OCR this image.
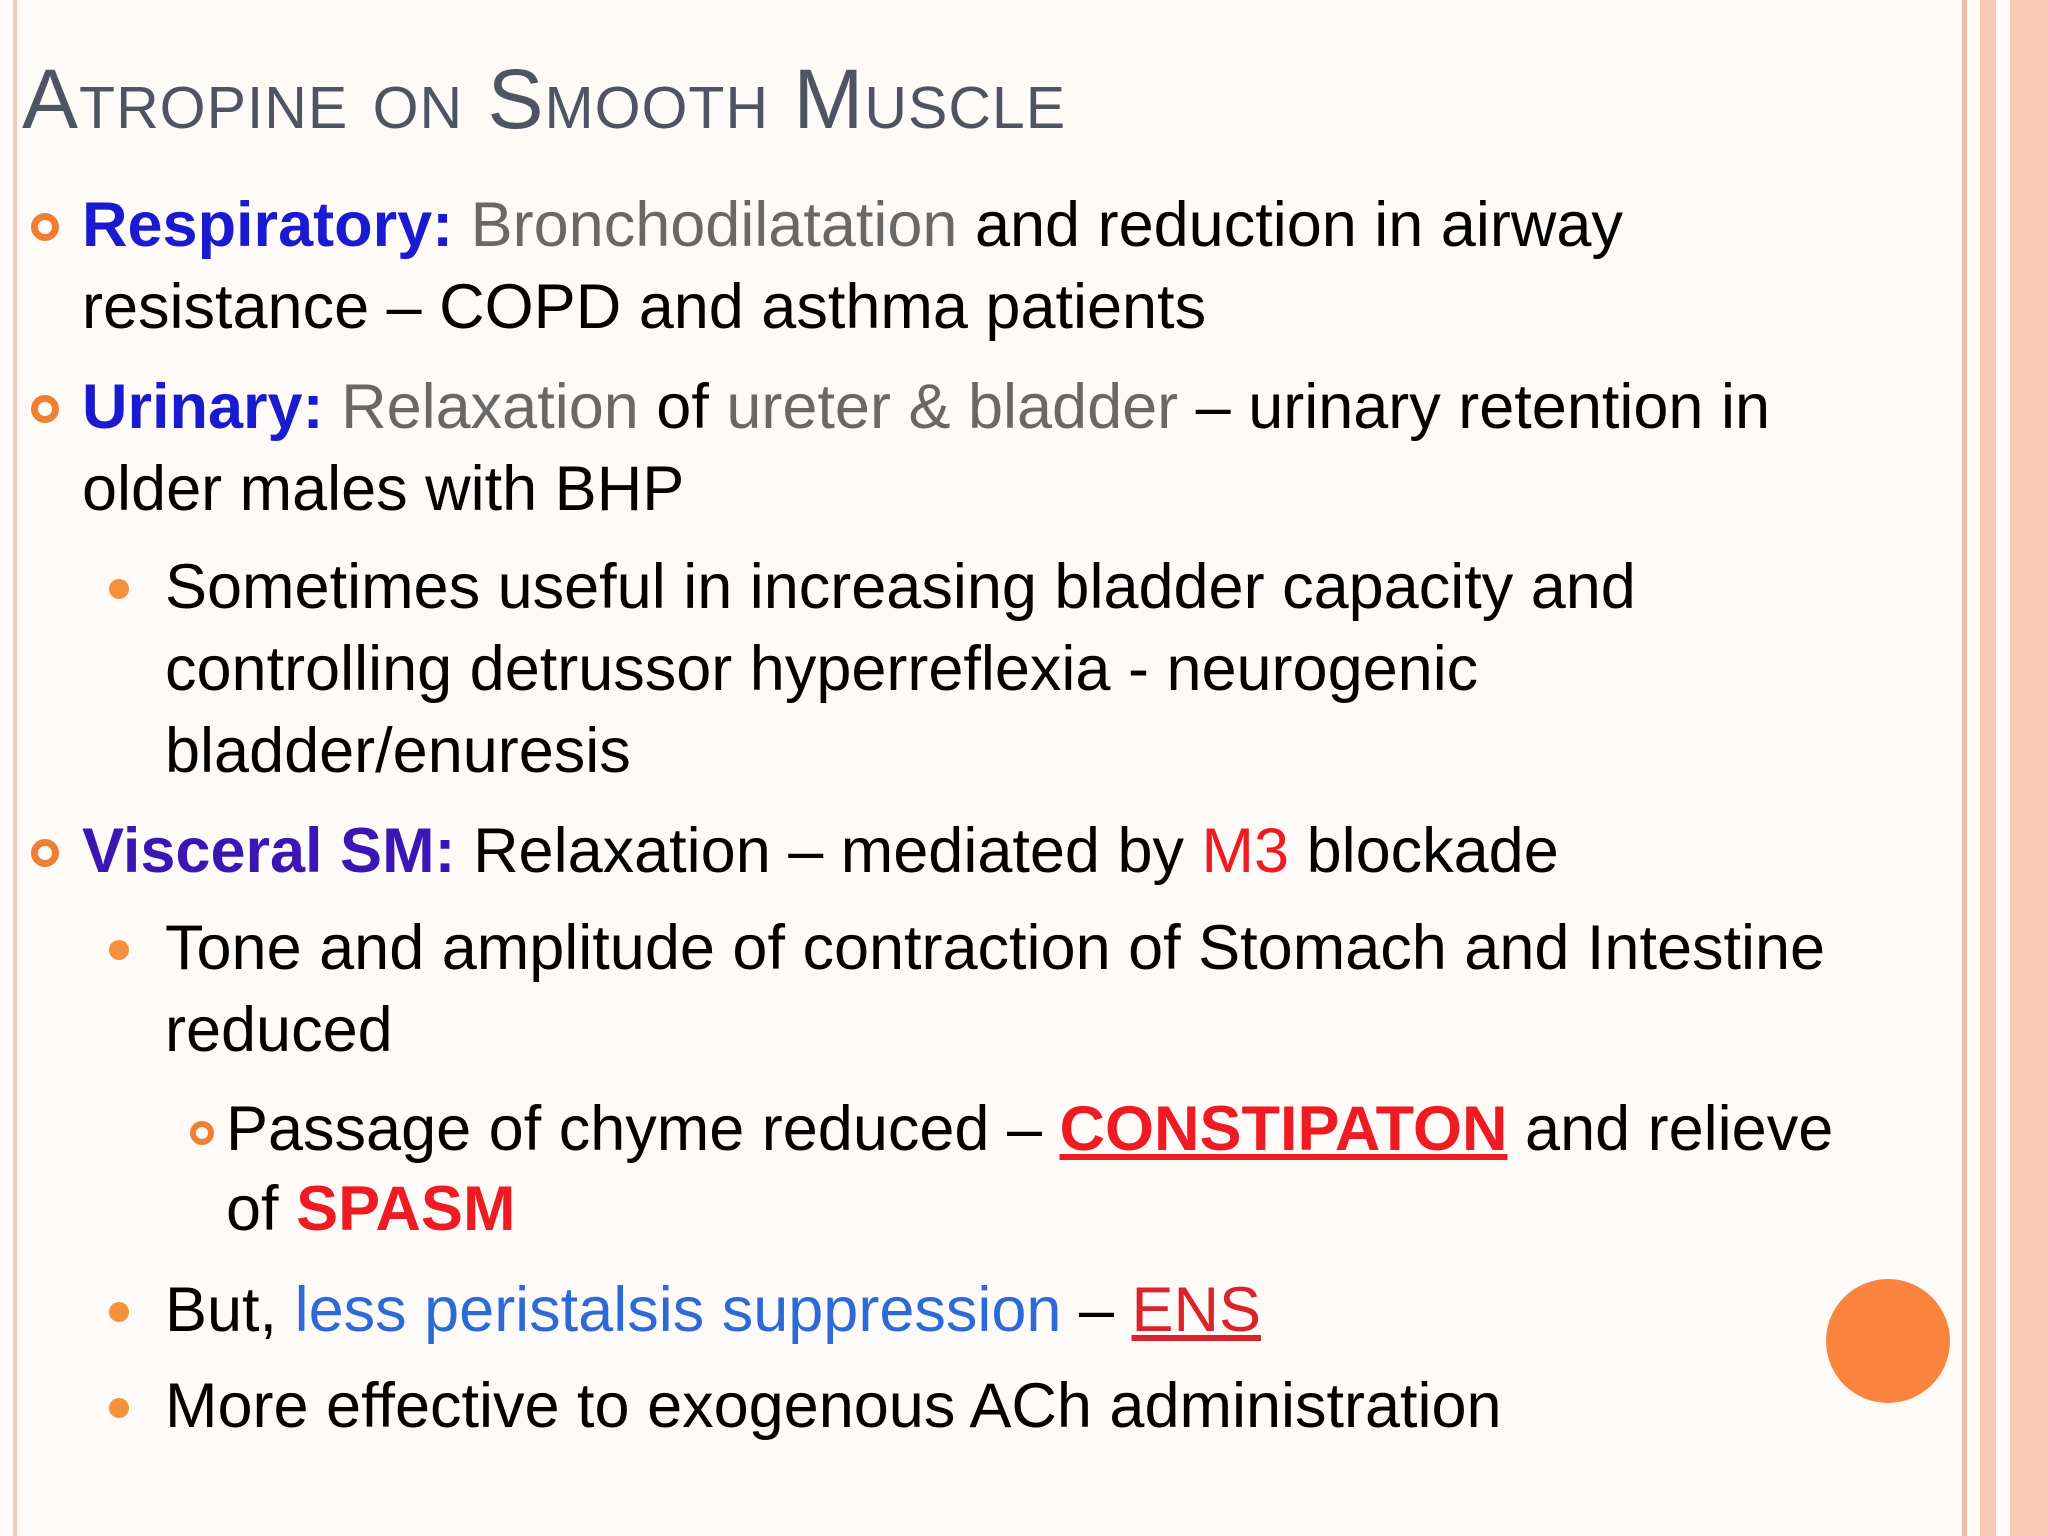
Atropine on Smooth Muscle
Respiratory: Bronchodilatation and reduction in airway
resistance – COPD and asthma patients
Urinary: Relaxation of ureter & bladder – urinary retention in
older males with BHP
Sometimes useful in increasing bladder capacity and
controlling detrussor hyperreflexia - neurogenic
bladder/enuresis
Visceral SM: Relaxation – mediated by M3 blockade
Tone and amplitude of contraction of Stomach and Intestine
reduced
Passage of chyme reduced – CONSTIPATON and relieve
of SPASM
But, less peristalsis suppression – ENS
More effective to exogenous ACh administration
